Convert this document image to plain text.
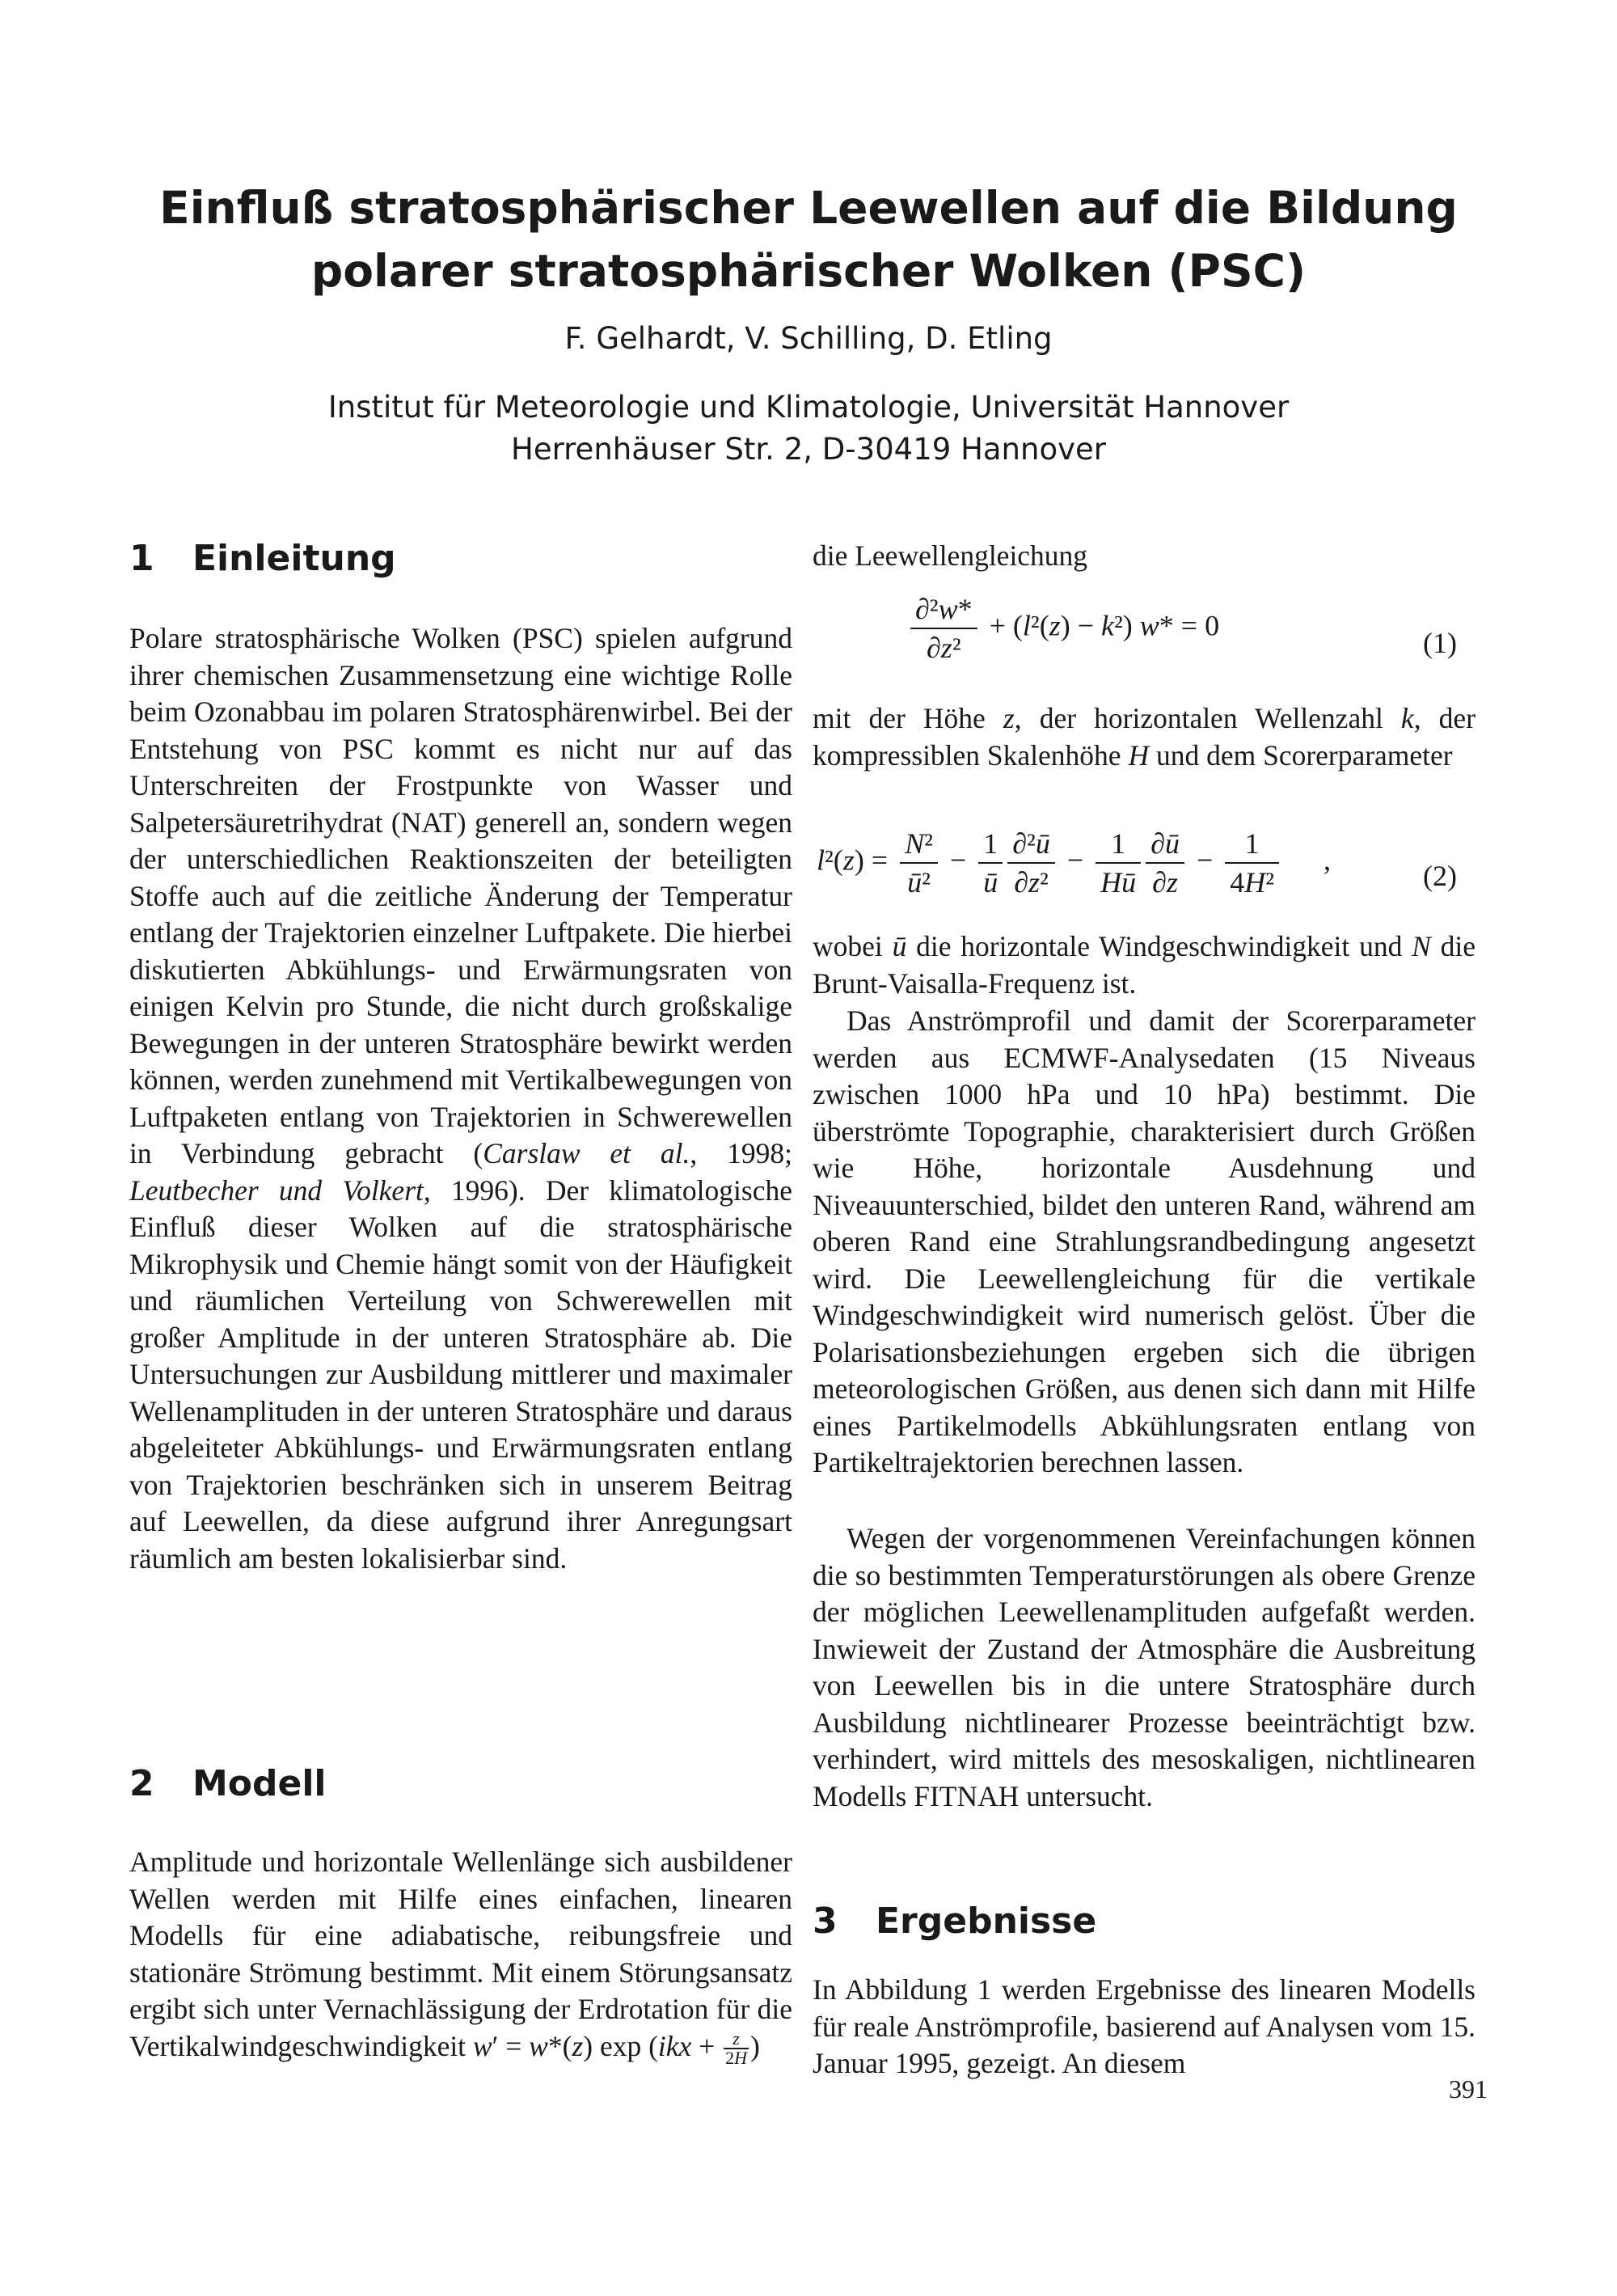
Einfluß stratosphärischer Leewellen auf die Bildung
polarer stratosphärischer Wolken (PSC)
F. Gelhardt, V. Schilling, D. Etling
Institut für Meteorologie und Klimatologie, Universität Hannover
Herrenhäuser Str. 2, D-30419 Hannover
1 Einleitung

Polare stratosphärische Wolken (PSC) spielen aufgrund ihrer chemischen Zusammensetzung eine wichtige Rolle beim Ozonabbau im polaren Stratosphärenwirbel. Bei der Entstehung von PSC kommt es nicht nur auf das Unterschreiten der Frostpunkte von Wasser und Salpetersäuretrihydrat (NAT) generell an, sondern wegen der unterschiedlichen Reaktionszeiten der beteiligten Stoffe auch auf die zeitliche Änderung der Temperatur entlang der Trajektorien einzelner Luftpakete. Die hierbei diskutierten Abkühlungs- und Erwärmungsraten von einigen Kelvin pro Stunde, die nicht durch großskalige Bewegungen in der unteren Stratosphäre bewirkt werden können, werden zunehmend mit Vertikalbewegungen von Luftpaketen entlang von Trajektorien in Schwerewellen in Verbindung gebracht (Carslaw et al., 1998; Leutbecher und Volkert, 1996). Der klimatologische Einfluß dieser Wolken auf die stratosphärische Mikrophysik und Chemie hängt somit von der Häufigkeit und räumlichen Verteilung von Schwerewellen mit großer Amplitude in der unteren Stratosphäre ab. Die Untersuchungen zur Ausbildung mittlerer und maximaler Wellenamplituden in der unteren Stratosphäre und daraus abgeleiteter Abkühlungs- und Erwärmungsraten entlang von Trajektorien beschränken sich in unserem Beitrag auf Leewellen, da diese aufgrund ihrer Anregungsart räumlich am besten lokalisierbar sind.

2 Modell

Amplitude und horizontale Wellenlänge sich ausbildener Wellen werden mit Hilfe eines einfachen, linearen Modells für eine adiabatische, reibungsfreie und stationäre Strömung bestimmt. Mit einem Störungsansatz ergibt sich unter Vernachlässigung der Erdrotation für die Vertikalwindgeschwindigkeit w′ = w*(z) $\exp (ikx + \frac{z}{2H}$ )

die Leewellengleichung
$\frac{\text{∂²w*}}{\text{∂z²}} + (l^2(z) - k^2) w* = 0$
(1)

mit der Höhe z, der horizontalen Wellenzahl k, der kompressiblen Skalenhöhe H und dem Scorerparameter

$l^2(z) = \frac{\text{N²}}{\text{ū²}} - \frac{1}{ū} \frac{\text{∂²ū}}{\text{∂z²}} - \frac{1}{Hū} \frac{\partial ū}{\partial z} - \frac{1}{\text{4H²}}$ ,	(2)

wobei ū die horizontale Windgeschwindigkeit und N die Brunt-Vaisalla-Frequenz ist.

Das Anströmprofil und damit der Scorerparameter werden aus ECMWF-Analysedaten (15 Niveaus zwischen 1000 hPa und 10 hPa) bestimmt. Die überströmte Topographie, charakterisiert durch Größen wie Höhe, horizontale Ausdehnung und Niveauunterschied, bildet den unteren Rand, während am oberen Rand eine Strahlungsrandbedingung angesetzt wird. Die Leewellengleichung für die vertikale Windgeschwindigkeit wird numerisch gelöst. Über die Polarisationsbeziehungen ergeben sich die übrigen meteorologischen Größen, aus denen sich dann mit Hilfe eines Partikelmodells Abkühlungsraten entlang von Partikeltrajektorien berechnen lassen.

Wegen der vorgenommenen Vereinfachungen können die so bestimmten Temperaturstörungen als obere Grenze der möglichen Leewellenamplituden aufgefaßt werden. Inwieweit der Zustand der Atmosphäre die Ausbreitung von Leewellen bis in die untere Stratosphäre durch Ausbildung nichtlinearer Prozesse beeinträchtigt bzw. verhindert, wird mittels des mesoskaligen, nichtlinearen Modells FITNAH untersucht.

3 Ergebnisse

In Abbildung 1 werden Ergebnisse des linearen Modells für reale Anströmprofile, basierend auf Analysen vom 15. Januar 1995, gezeigt. An diesem

391
